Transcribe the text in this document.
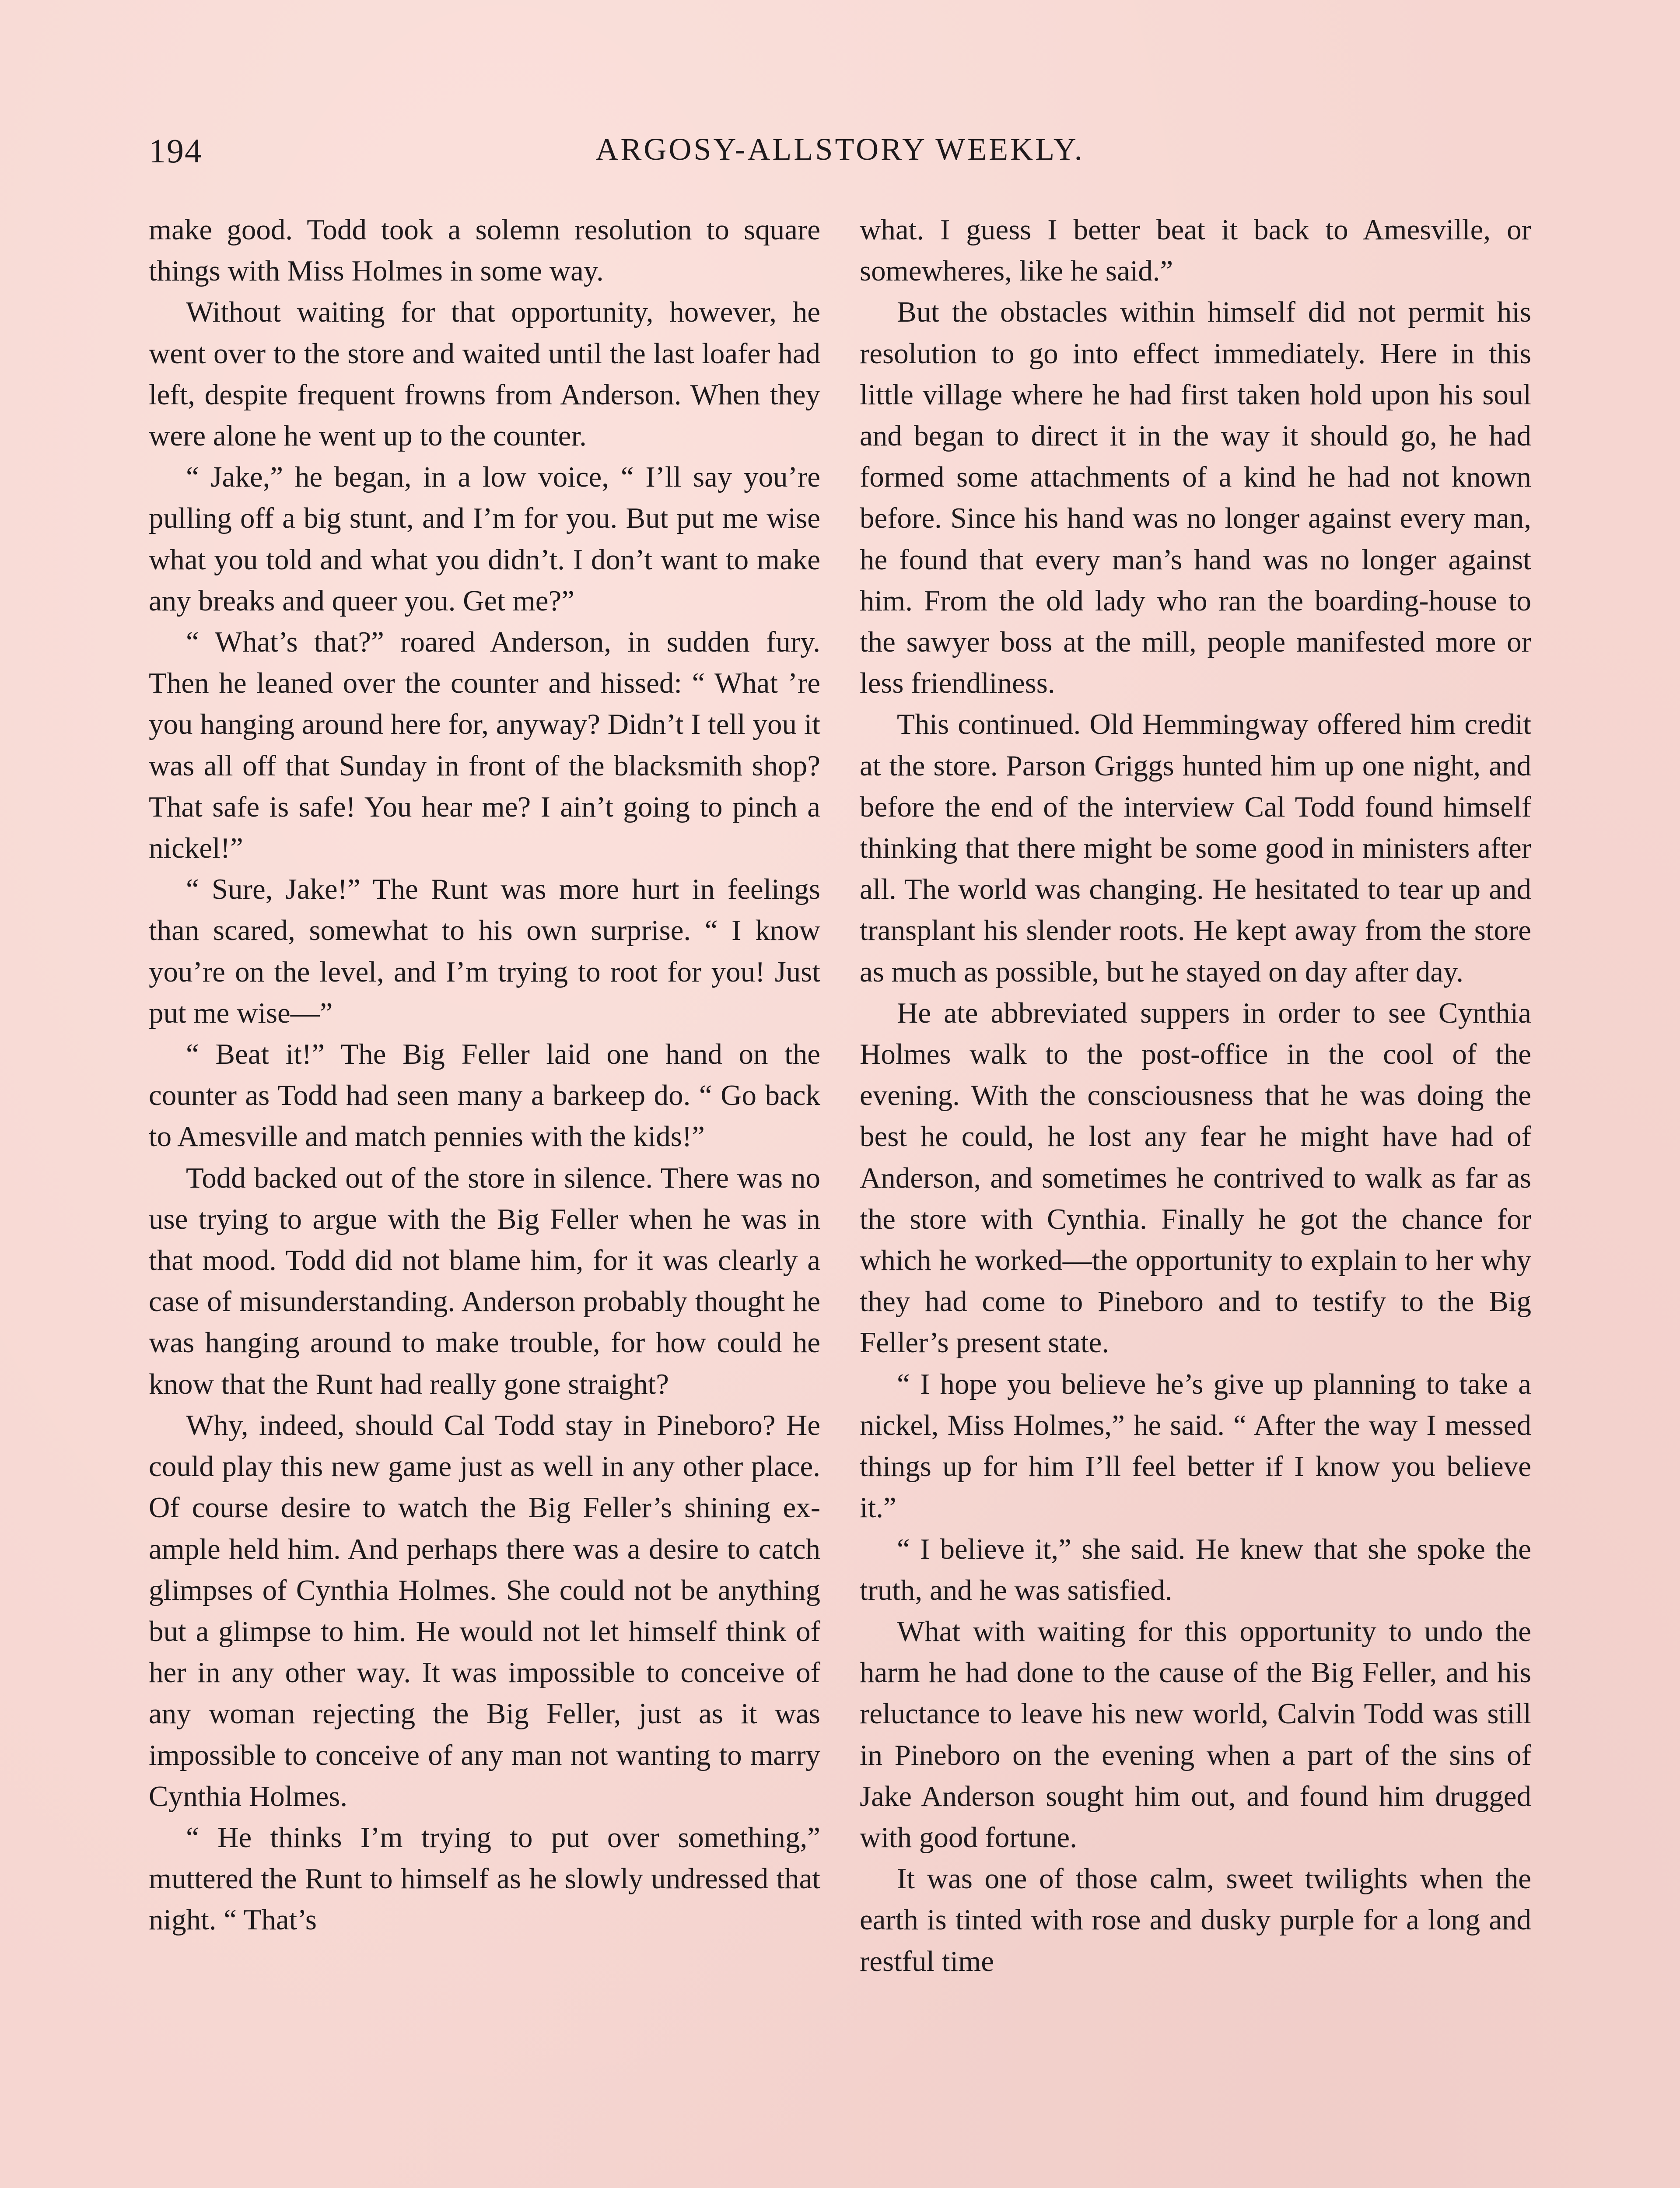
194	ARGOSY-ALLSTORY WEEKLY.

make good. Todd took a solemn resolution to square things with Miss Holmes in some way.

Without waiting for that opportunity, however, he went over to the store and waited until the last loafer had left, despite frequent frowns from Anderson. When they were alone he went up to the counter.

“ Jake,” he began, in a low voice, “ I’ll say you’re pulling off a big stunt, and I’m for you. But put me wise what you told and what you didn’t. I don’t want to make any breaks and queer you. Get me?”

“ What’s that?” roared Anderson, in sudden fury. Then he leaned over the counter and hissed: “ What ’re you hanging around here for, anyway? Didn’t I tell you it was all off that Sunday in front of the blacksmith shop? That safe is safe! You hear me? I ain’t going to pinch a nickel!”

“ Sure, Jake!” The Runt was more hurt in feelings than scared, somewhat to his own surprise. “ I know you’re on the level, and I’m trying to root for you! Just put me wise—”

“ Beat it!” The Big Feller laid one hand on the counter as Todd had seen many a barkeep do. “ Go back to Amesville and match pennies with the kids!”

Todd backed out of the store in silence. There was no use trying to argue with the Big Feller when he was in that mood. Todd did not blame him, for it was clearly a case of misunderstanding. Anderson probably thought he was hanging around to make trouble, for how could he know that the Runt had really gone straight?

Why, indeed, should Cal Todd stay in Pineboro? He could play this new game just as well in any other place. Of course desire to watch the Big Feller’s shining example held him. And perhaps there was a desire to catch glimpses of Cynthia Holmes. She could not be anything but a glimpse to him. He would not let himself think of her in any other way. It was impossible to conceive of any woman rejecting the Big Feller, just as it was impossible to conceive of any man not wanting to marry Cynthia Holmes.

“ He thinks I’m trying to put over something,” muttered the Runt to himself as he slowly undressed that night. “ That’s

what. I guess I better beat it back to Amesville, or somewheres, like he said.”

But the obstacles within himself did not permit his resolution to go into effect immediately. Here in this little village where he had first taken hold upon his soul and began to direct it in the way it should go, he had formed some attachments of a kind he had not known before. Since his hand was no longer against every man, he found that every man’s hand was no longer against him. From the old lady who ran the boarding-house to the sawyer boss at the mill, people manifested more or less friendliness.

This continued. Old Hemmingway offered him credit at the store. Parson Griggs hunted him up one night, and before the end of the interview Cal Todd found himself thinking that there might be some good in ministers after all. The world was changing. He hesitated to tear up and transplant his slender roots. He kept away from the store as much as possible, but he stayed on day after day.

He ate abbreviated suppers in order to see Cynthia Holmes walk to the post-office in the cool of the evening. With the consciousness that he was doing the best he could, he lost any fear he might have had of Anderson, and sometimes he contrived to walk as far as the store with Cynthia. Finally he got the chance for which he worked—the opportunity to explain to her why they had come to Pineboro and to testify to the Big Feller’s present state.

“ I hope you believe he’s give up planning to take a nickel, Miss Holmes,” he said. “ After the way I messed things up for him I’ll feel better if I know you believe it.”

“ I believe it,” she said. He knew that she spoke the truth, and he was satisfied.

What with waiting for this opportunity to undo the harm he had done to the cause of the Big Feller, and his reluctance to leave his new world, Calvin Todd was still in Pineboro on the evening when a part of the sins of Jake Anderson sought him out, and found him drugged with good fortune.

It was one of those calm, sweet twilights when the earth is tinted with rose and dusky purple for a long and restful time
